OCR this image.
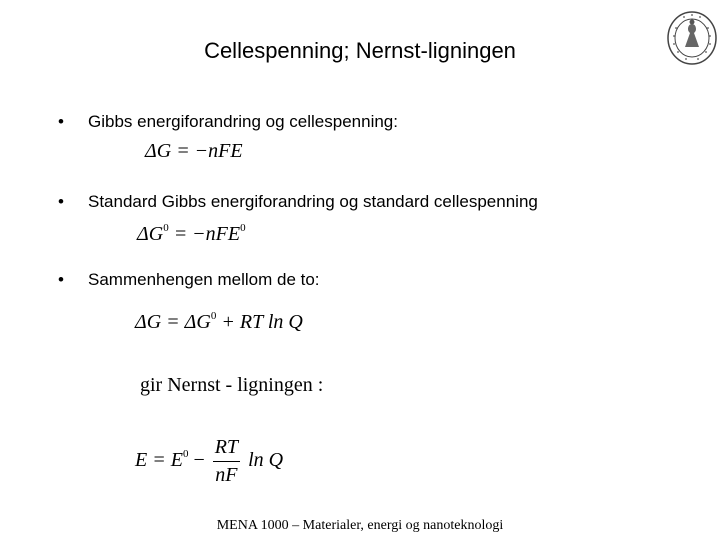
Cellespenning; Nernst-ligningen
• Gibbs energiforandring og cellespenning:
ΔG = −nFE
• Standard Gibbs energiforandring og standard cellespenning
$\Delta G^0 = -nFE^0$
• Sammenhengen mellom de to:
$\Delta G = \Delta G^0$ + RT ln Q
gir Nernst - ligningen :
$E = E^0 - \frac{RT}{nF}$ ln Q
MENA 1000 – Materialer, energi og nanoteknologi
